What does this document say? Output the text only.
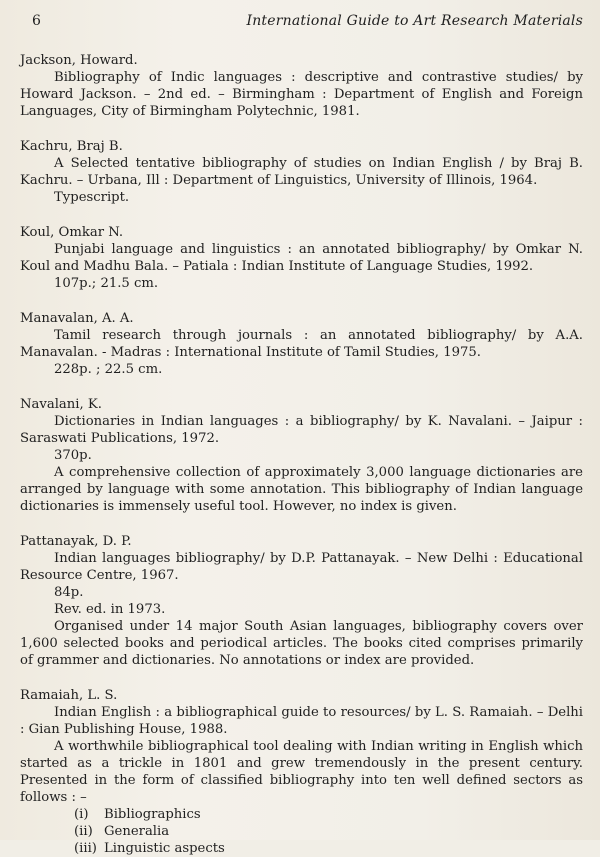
6	International Guide to Art Research Materials

Jackson, Howard.

Bibliography of Indic languages : descriptive and contrastive studies/ by Howard Jackson. – 2nd ed. – Birmingham : Department of English and Foreign Languages, City of Birmingham Polytechnic, 1981.

Kachru, Braj B.

A Selected tentative bibliography of studies on Indian English / by Braj B. Kachru. – Urbana, Ill : Department of Linguistics, University of Illinois, 1964.

Typescript.

Koul, Omkar N.

Punjabi language and linguistics : an annotated bibliography/ by Omkar N. Koul and Madhu Bala. – Patiala : Indian Institute of Language Studies, 1992.

107p.; 21.5 cm.

Manavalan, A. A.

Tamil research through journals : an annotated bibliography/ by A.A. Manavalan. - Madras : International Institute of Tamil Studies, 1975.

228p. ; 22.5 cm.

Navalani, K.

Dictionaries in Indian languages : a bibliography/ by K. Navalani. – Jaipur : Saraswati Publications, 1972.

370p.

A comprehensive collection of approximately 3,000 language dictionaries are arranged by language with some annotation. This bibliography of Indian language dictionaries is immensely useful tool. However, no index is given.

Pattanayak, D. P.

Indian languages bibliography/ by D.P. Pattanayak. – New Delhi : Educational Resource Centre, 1967.

84p.

Rev. ed. in 1973.

Organised under 14 major South Asian languages, bibliography covers over 1,600 selected books and periodical articles. The books cited comprises primarily of grammer and dictionaries. No annotations or index are provided.

Ramaiah, L. S.

Indian English : a bibliographical guide to resources/ by L. S. Ramaiah. – Delhi : Gian Publishing House, 1988.

A worthwhile bibliographical tool dealing with Indian writing in English which started as a trickle in 1801 and grew tremendously in the present century. Presented in the form of classified bibliography into ten well defined sectors as follows : –

(i)	Bibliographics
(ii) Generalia
(iii) Linguistic aspects
